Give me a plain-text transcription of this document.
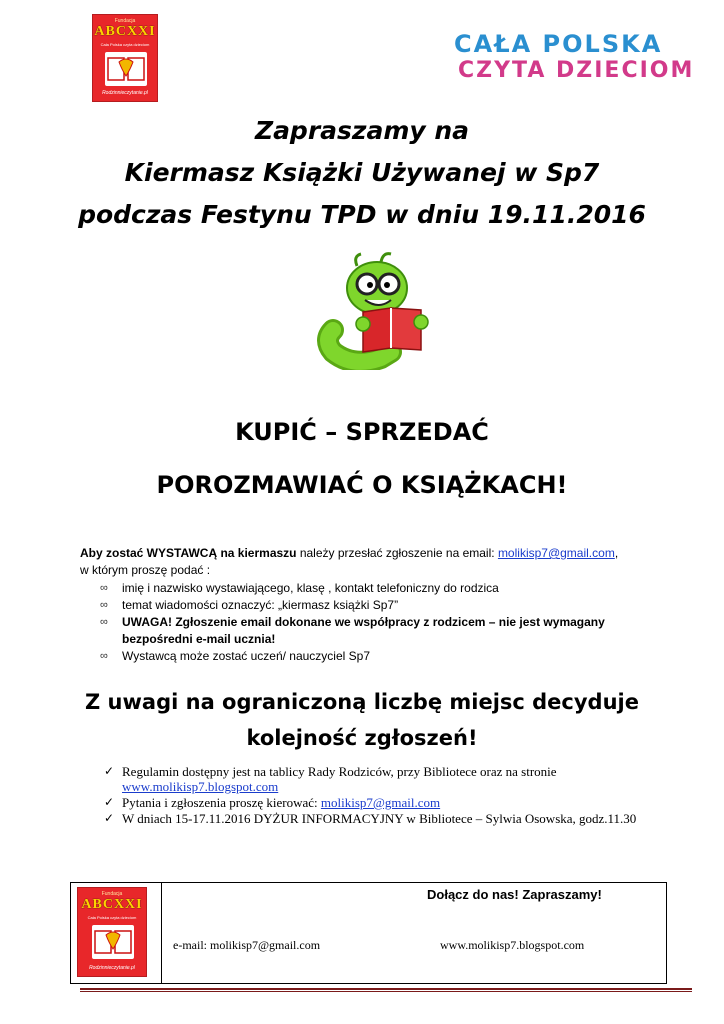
Fundacja
ABCXXI
Cała Polska czyta dzieciom
Rodzinnieczytanie.pl
CAŁA POLSKA
CZYTA DZIECIOM
Zapraszamy na
Kiermasz Książki Używanej w Sp7
podczas Festynu TPD w dniu 19.11.2016
KUPIĆ – SPRZEDAĆ
POROZMAWIAĆ O KSIĄŻKACH!
Aby zostać WYSTAWCĄ na kiermaszu należy przesłać zgłoszenie na email: molikisp7@gmail.com,
w którym proszę podać :
∞ imię i nazwisko wystawiającego, klasę , kontakt telefoniczny do rodzica
∞ temat wiadomości oznaczyć: „kiermasz książki Sp7”
∞ UWAGA! Zgłoszenie email dokonane we współpracy z rodzicem – nie jest wymagany bezpośredni e-mail ucznia!
∞ Wystawcą może zostać uczeń/ nauczyciel Sp7
Z uwagi na ograniczoną liczbę miejsc decyduje
kolejność zgłoszeń!
✓ Regulamin dostępny jest na tablicy Rady Rodziców, przy Bibliotece oraz na stronie
www.molikisp7.blogspot.com
✓ Pytania i zgłoszenia proszę kierować: molikisp7@gmail.com
✓ W dniach 15-17.11.2016 DYŻUR INFORMACYJNY w Bibliotece – Sylwia Osowska, godz.11.30
Fundacja
ABCXXI
Cała Polska czyta dzieciom
Rodzinnieczytanie.pl
Dołącz do nas! Zapraszamy!
e-mail: molikisp7@gmail.com	www.molikisp7.blogspot.com
